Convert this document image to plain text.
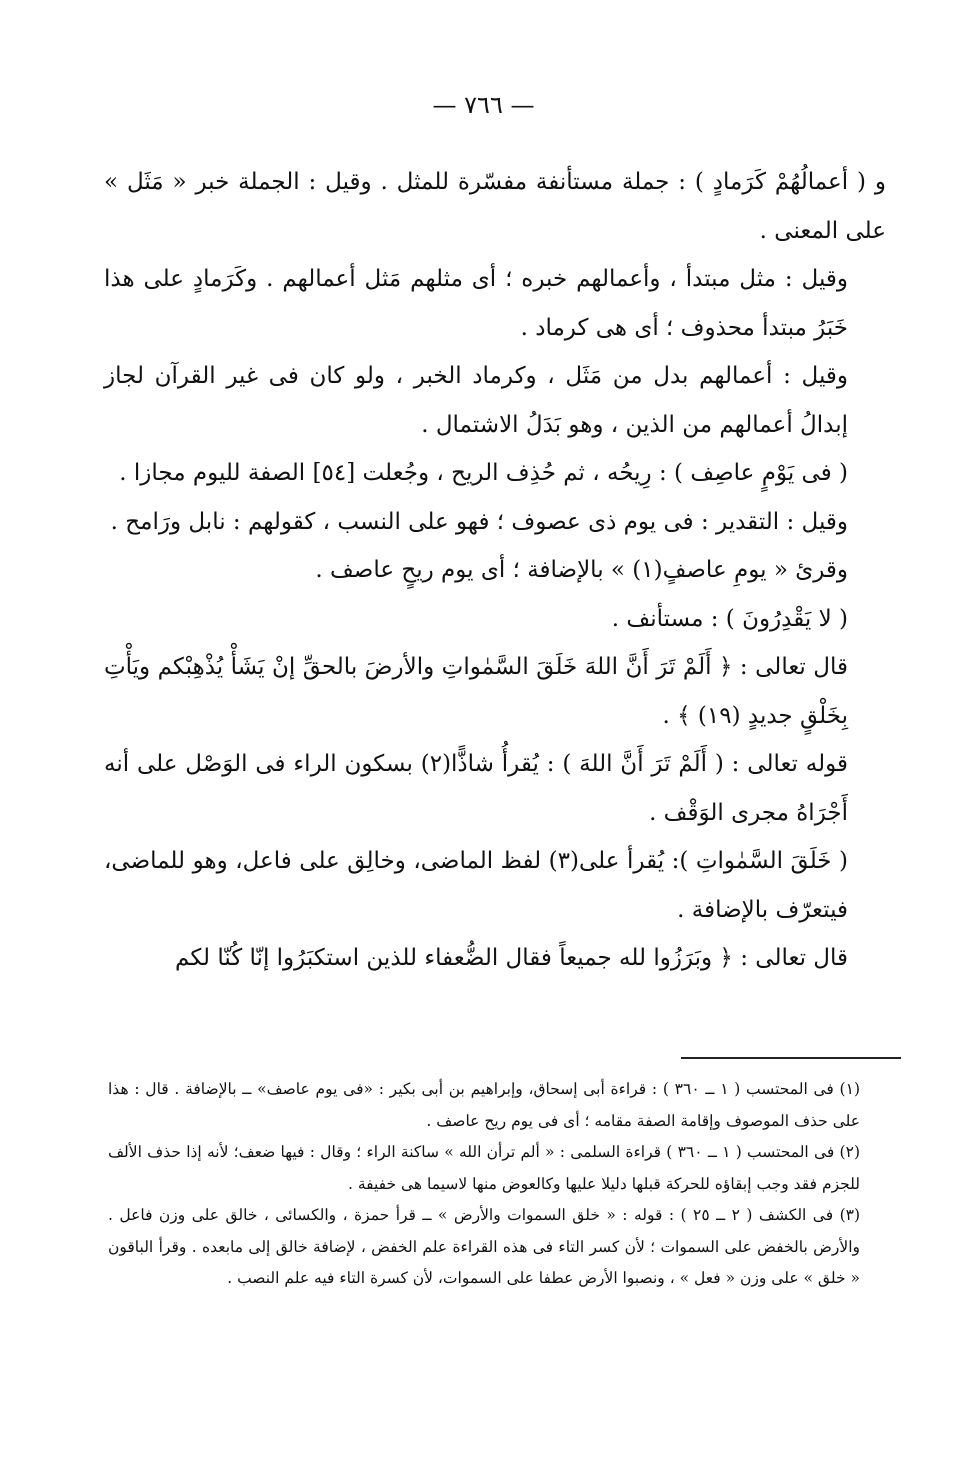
— ٧٦٦ —

و ( أعمالُهُمْ كَرَمادٍ ) : جملة مستأنفة مفسّرة للمثل . وقيل : الجملة خبر « مَثَل » على المعنى .

وقيل : مثل مبتدأ ، وأعمالهم خبره ؛ أى مثلهم مَثل أعمالهم . وكَرَمادٍ على هذا خَبَرُ مبتدأ محذوف ؛ أى هى كرماد .

وقيل : أعمالهم بدل من مَثَل ، وكرماد الخبر ، ولو كان فى غير القرآن لجاز إبدالُ أعمالهم من الذين ، وهو بَدَلُ الاشتمال .

( فى يَوْمٍ عاصِف ) : رِيحُه ، ثم حُذِف الريح ، وجُعلت [٥٤] الصفة لليوم مجازا .

وقيل : التقدير : فى يوم ذى عصوف ؛ فهو على النسب ، كقولهم : نابل ورَامح .

وقرئ « يومِ عاصفٍ(١) » بالإضافة ؛ أى يوم ريحٍ عاصف .

( لا يَقْدِرُونَ ) : مستأنف .

قال تعالى : ﴿ أَلَمْ تَرَ أَنَّ اللهَ خَلَقَ السَّمٰواتِ والأرضَ بالحقِّ إنْ يَشَأْ يُذْهِبْكم ويَأْتِ بِخَلْقٍ جديدٍ (١٩) ﴾ .

قوله تعالى : ( أَلَمْ تَرَ أَنَّ اللهَ ) : يُقرأُ شاذًّا(٢) بسكون الراء فى الوَصْل على أنه أَجْرَاهُ مجرى الوَقْف .

( خَلَقَ السَّمٰواتِ ): يُقرأ على(٣) لفظ الماضى، وخالِق على فاعل، وهو للماضى، فيتعرّف بالإضافة .

قال تعالى : ﴿ وبَرَزُوا لله جميعاً فقال الضُّعفاء للذين استكبَرُوا إنّا كُنّا لكم

(١) فى المحتسب ( ١ ــ ٣٦٠ ) : قراءة أبى إسحاق، وإبراهيم بن أبى بكير : «فى يوم عاصف» ــ بالإضافة . قال : هذا على حذف الموصوف وإقامة الصفة مقامه ؛ أى فى يوم ريح عاصف .

(٢) فى المحتسب ( ١ ــ ٣٦٠ ) قراءة السلمى : « ألم ترأن الله » ساكنة الراء ؛ وقال : فيها ضعف؛ لأنه إذا حذف الألف للجزم فقد وجب إبقاؤه للحركة قبلها دليلا عليها وكالعوض منها لاسيما هى خفيفة .

(٣) فى الكشف ( ٢ ــ ٢٥ ) : قوله : « خلق السموات والأرض » ــ قرأ حمزة ، والكسائى ، خالق على وزن فاعل . والأرض بالخفض على السموات ؛ لأن كسر التاء فى هذه القراءة علم الخفض ، لإضافة خالق إلى مابعده . وقرأ الباقون « خلق » على وزن « فعل » ، ونصبوا الأرض عطفا على السموات، لأن كسرة التاء فيه علم النصب .
